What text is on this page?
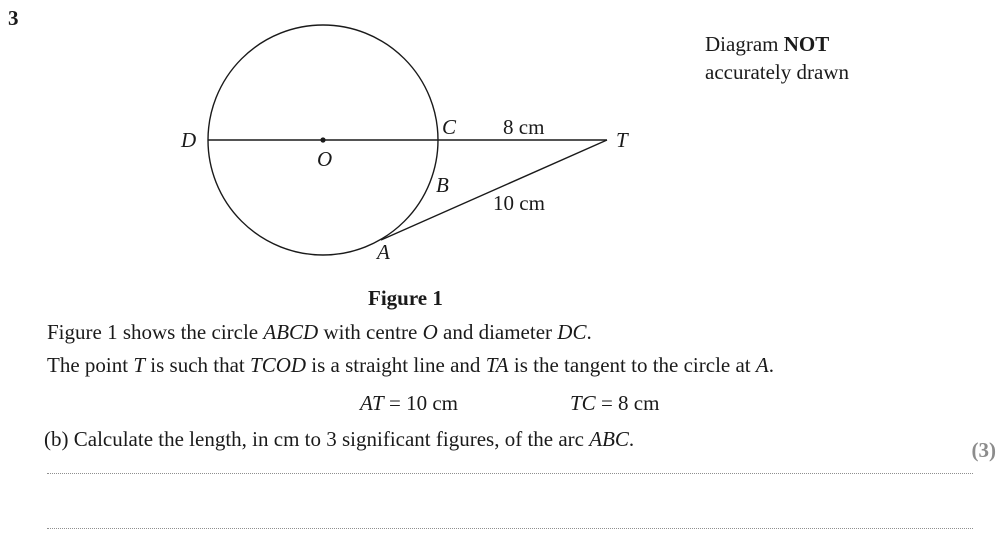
3
Diagram NOT
accurately drawn
D
C
T
O
B
A
8 cm
10 cm
Figure 1
Figure 1 shows the circle ABCD with centre O and diameter DC.
The point T is such that TCOD is a straight line and TA is the tangent to the circle at A.
AT = 10 cm	TC = 8 cm
(b) Calculate the length, in cm to 3 significant figures, of the arc ABC.	(3)
